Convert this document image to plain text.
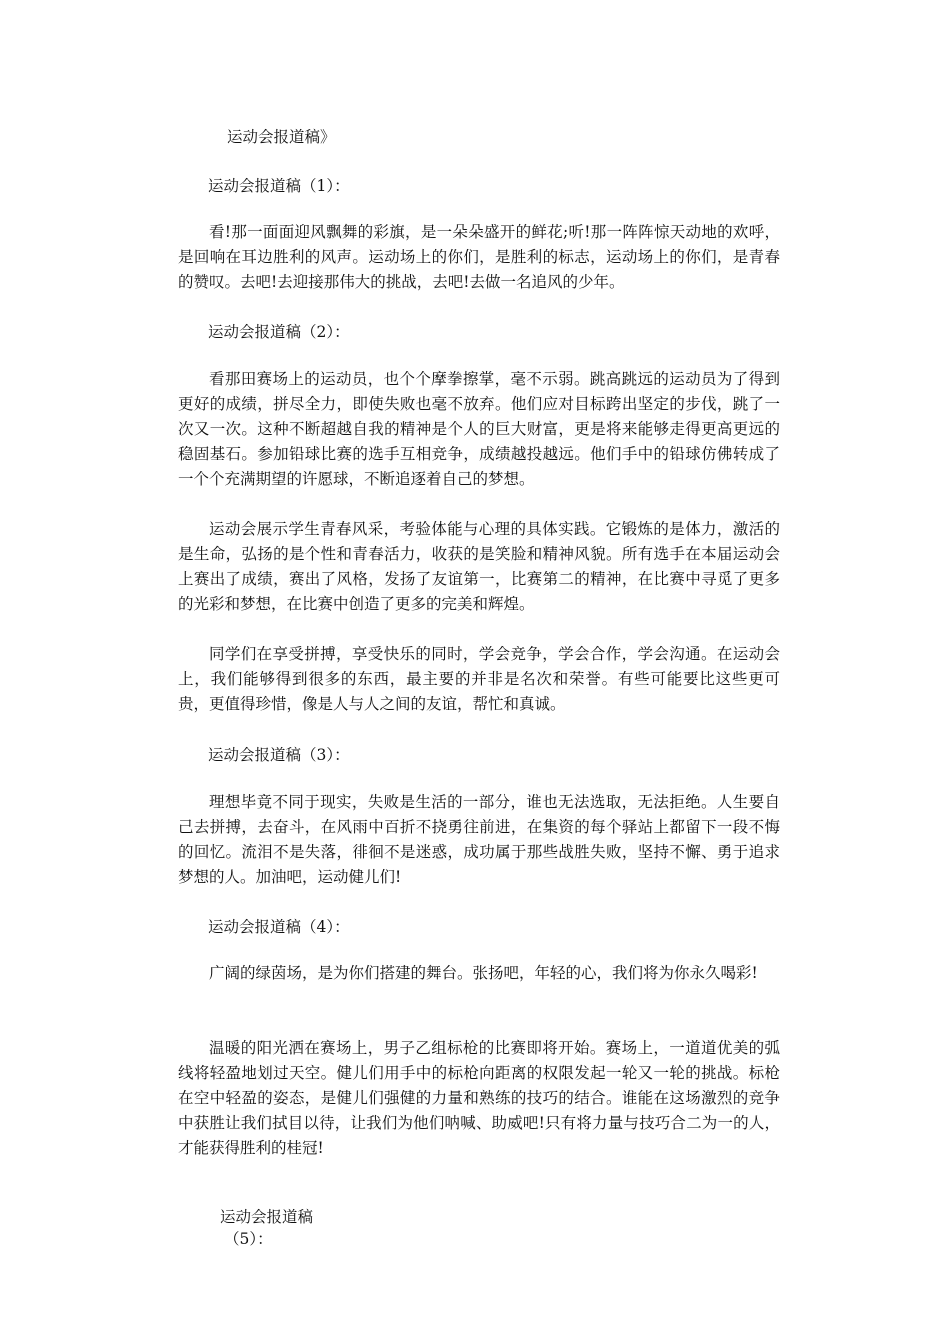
运动会报道稿》
运动会报道稿（1）：

看!那一面面迎风飘舞的彩旗，是一朵朵盛开的鲜花;听!那一阵阵惊天动地的欢呼，是回响在耳边胜利的风声。运动场上的你们，是胜利的标志，运动场上的你们，是青春的赞叹。去吧!去迎接那伟大的挑战，去吧!去做一名追风的少年。

运动会报道稿（2）：

看那田赛场上的运动员，也个个摩拳擦掌，毫不示弱。跳高跳远的运动员为了得到更好的成绩，拼尽全力，即使失败也毫不放弃。他们应对目标跨出坚定的步伐，跳了一次又一次。这种不断超越自我的精神是个人的巨大财富，更是将来能够走得更高更远的稳固基石。参加铅球比赛的选手互相竞争，成绩越投越远。他们手中的铅球仿佛转成了一个个充满期望的许愿球，不断追逐着自己的梦想。

运动会展示学生青春风采，考验体能与心理的具体实践。它锻炼的是体力，激活的是生命，弘扬的是个性和青春活力，收获的是笑脸和精神风貌。所有选手在本届运动会上赛出了成绩，赛出了风格，发扬了友谊第一，比赛第二的精神，在比赛中寻觅了更多的光彩和梦想，在比赛中创造了更多的完美和辉煌。

同学们在享受拼搏，享受快乐的同时，学会竞争，学会合作，学会沟通。在运动会上，我们能够得到很多的东西，最主要的并非是名次和荣誉。有些可能要比这些更可贵，更值得珍惜，像是人与人之间的友谊，帮忙和真诚。

运动会报道稿（3）：

理想毕竟不同于现实，失败是生活的一部分，谁也无法选取，无法拒绝。人生要自己去拼搏，去奋斗，在风雨中百折不挠勇往前进，在集资的每个驿站上都留下一段不悔的回忆。流泪不是失落，徘徊不是迷惑，成功属于那些战胜失败，坚持不懈、勇于追求梦想的人。加油吧，运动健儿们!

运动会报道稿（4）：

广阔的绿茵场，是为你们搭建的舞台。张扬吧，年轻的心，我们将为你永久喝彩!

温暖的阳光洒在赛场上，男子乙组标枪的比赛即将开始。赛场上，一道道优美的弧线将轻盈地划过天空。健儿们用手中的标枪向距离的权限发起一轮又一轮的挑战。标枪在空中轻盈的姿态，是健儿们强健的力量和熟练的技巧的结合。谁能在这场激烈的竞争中获胜让我们拭目以待，让我们为他们呐喊、助威吧!只有将力量与技巧合二为一的人，才能获得胜利的桂冠!

运动会报道稿
（5）：
